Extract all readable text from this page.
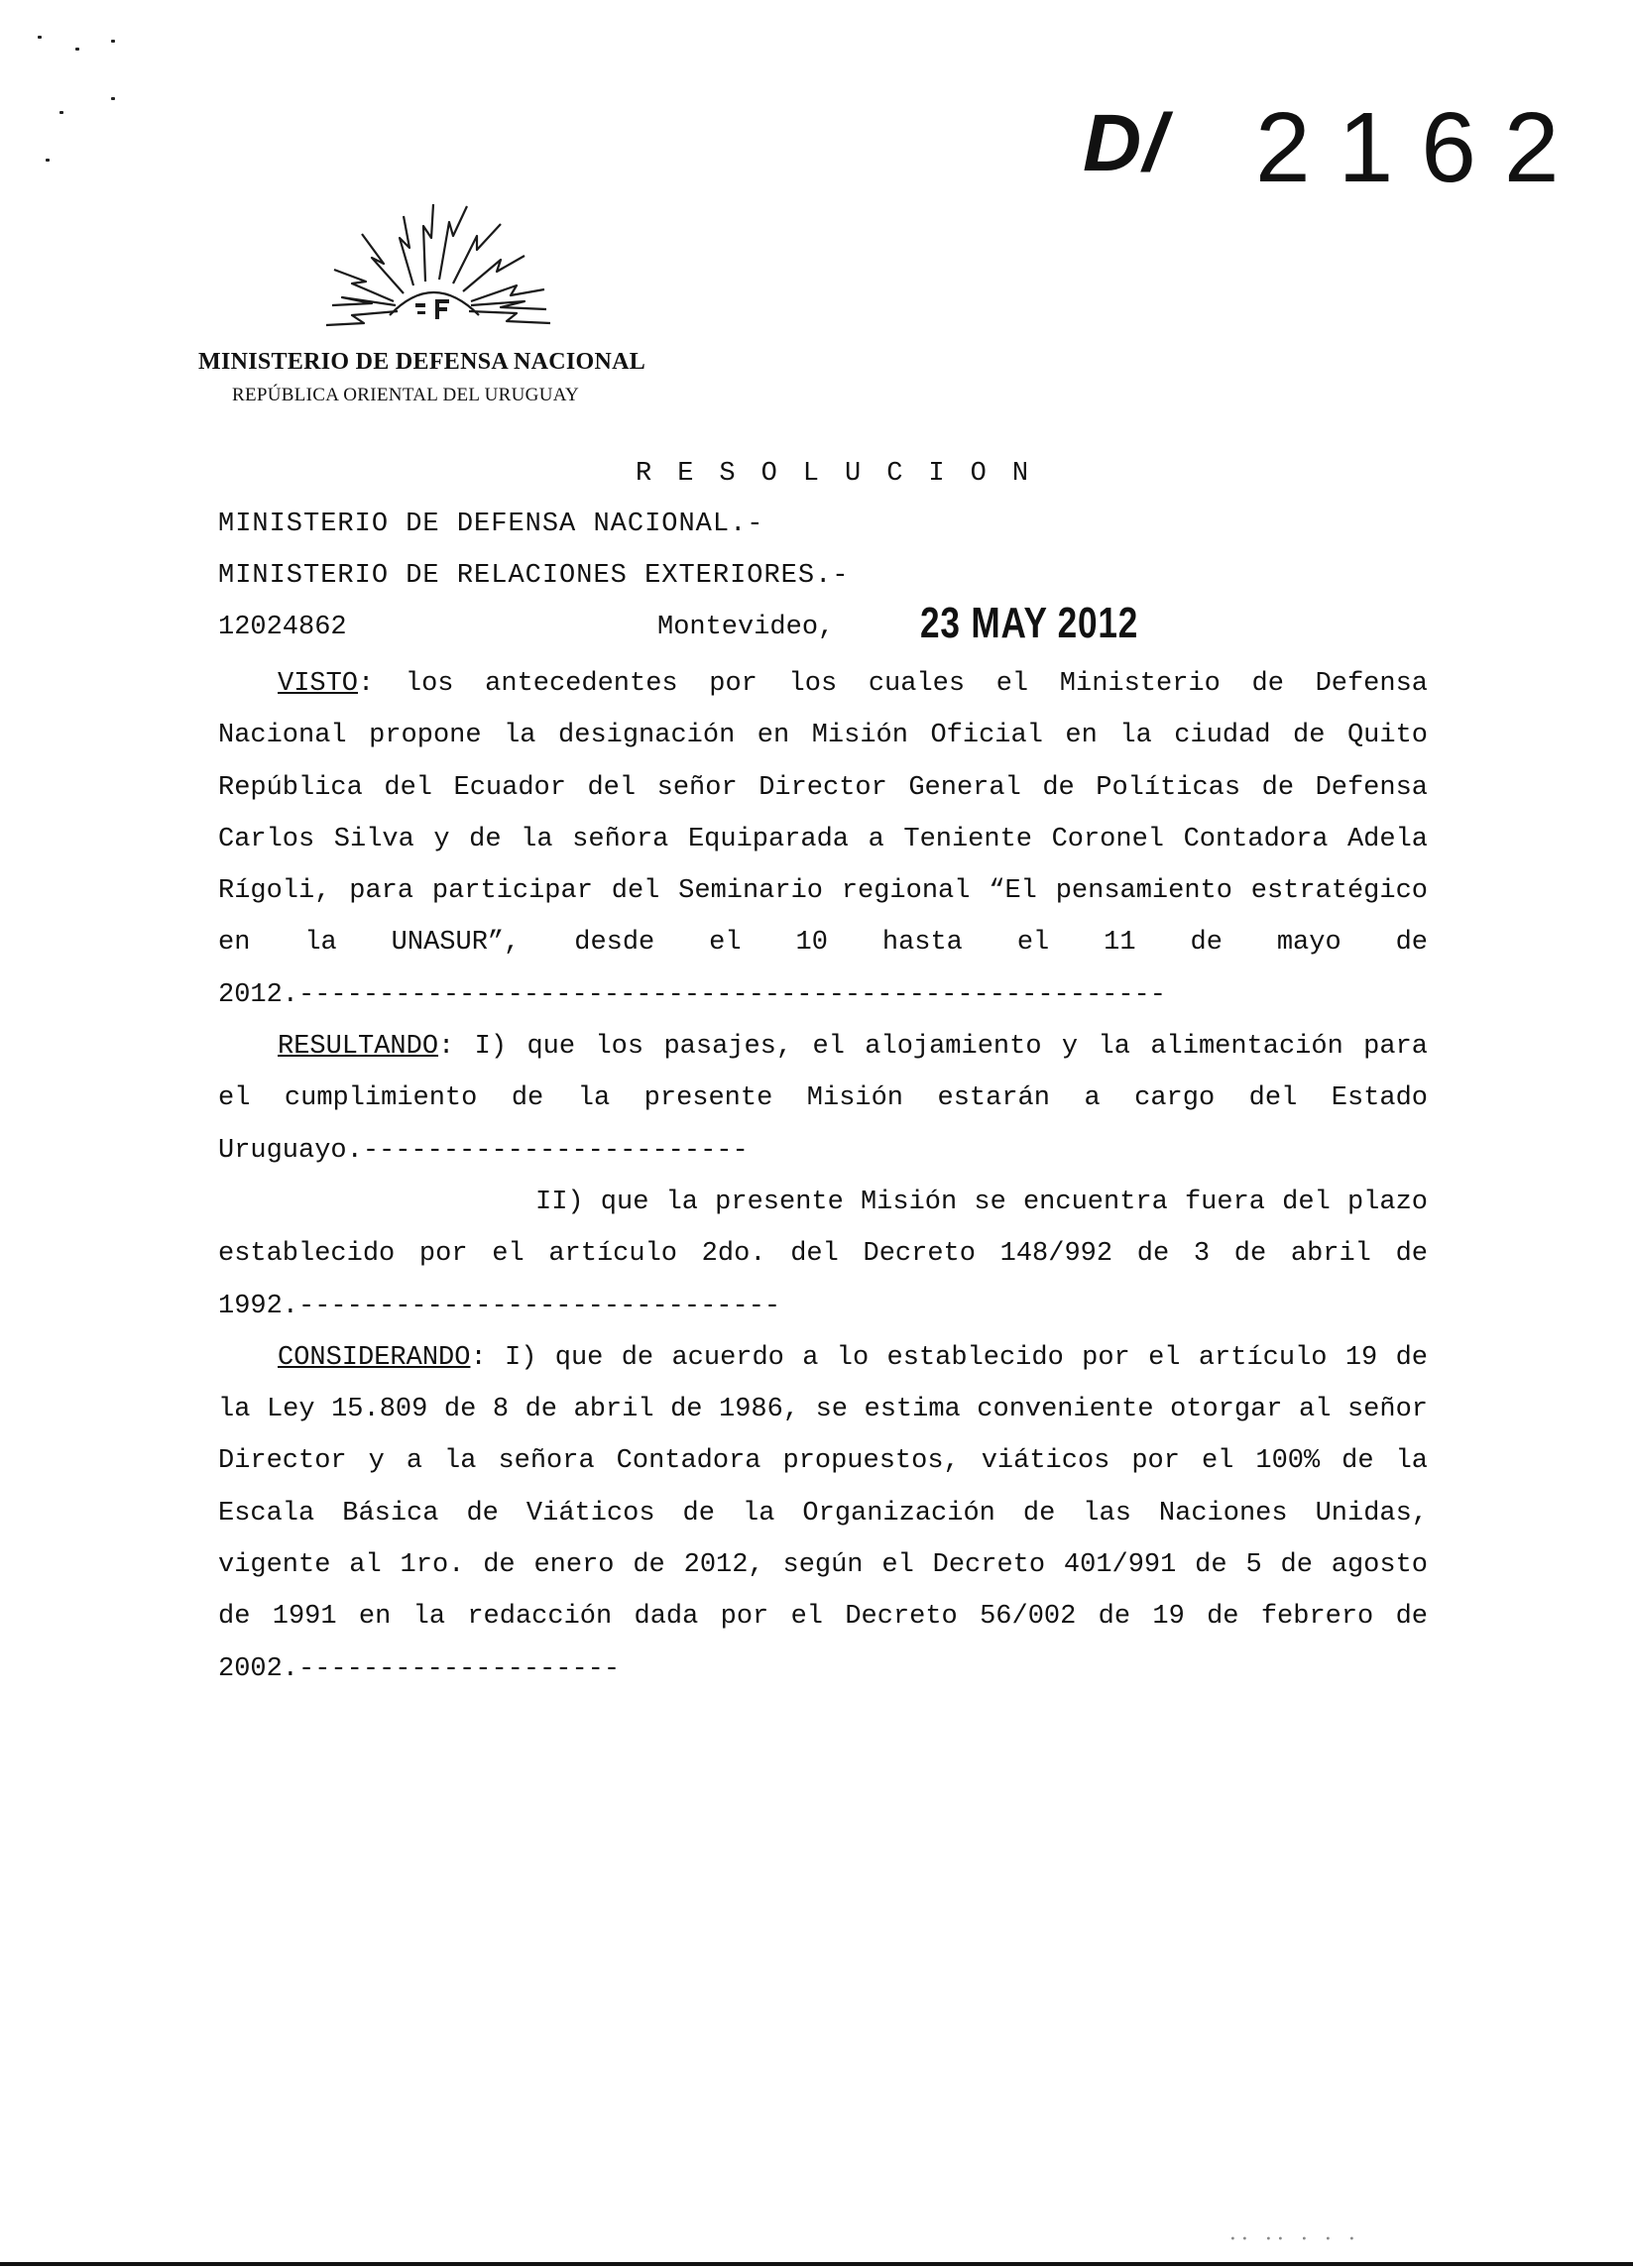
D/ 2162
MINISTERIO DE DEFENSA NACIONAL
REPÚBLICA ORIENTAL DEL URUGUAY
RESOLUCION
MINISTERIO DE DEFENSA NACIONAL.-
MINISTERIO DE RELACIONES EXTERIORES.-
12024862	Montevideo, 23 MAY 2012

VISTO: los antecedentes por los cuales el Ministerio de Defensa Nacional propone la designación en Misión Oficial en la ciudad de Quito República del Ecuador del señor Director General de Políticas de Defensa Carlos Silva y de la señora Equiparada a Teniente Coronel Contadora Adela Rígoli, para participar del Seminario regional “El pensamiento estratégico en la UNASUR”, desde el 10 hasta el 11 de mayo de 2012.------------------------------------------------------

RESULTANDO: I) que los pasajes, el alojamiento y la alimentación para el cumplimiento de la presente Misión estarán a cargo del Estado Uruguayo.------------------------

II) que la presente Misión se encuentra fuera del plazo establecido por el artículo 2do. del Decreto 148/992 de 3 de abril de 1992.------------------------------

CONSIDERANDO: I) que de acuerdo a lo establecido por el artículo 19 de la Ley 15.809 de 8 de abril de 1986, se estima conveniente otorgar al señor Director y a la señora Contadora propuestos, viáticos por el 100% de la Escala Básica de Viáticos de la Organización de las Naciones Unidas, vigente al 1ro. de enero de 2012, según el Decreto 401/991 de 5 de agosto de 1991 en la redacción dada por el Decreto 56/002 de 19 de febrero de 2002.--------------------

·· ·· · · ·
